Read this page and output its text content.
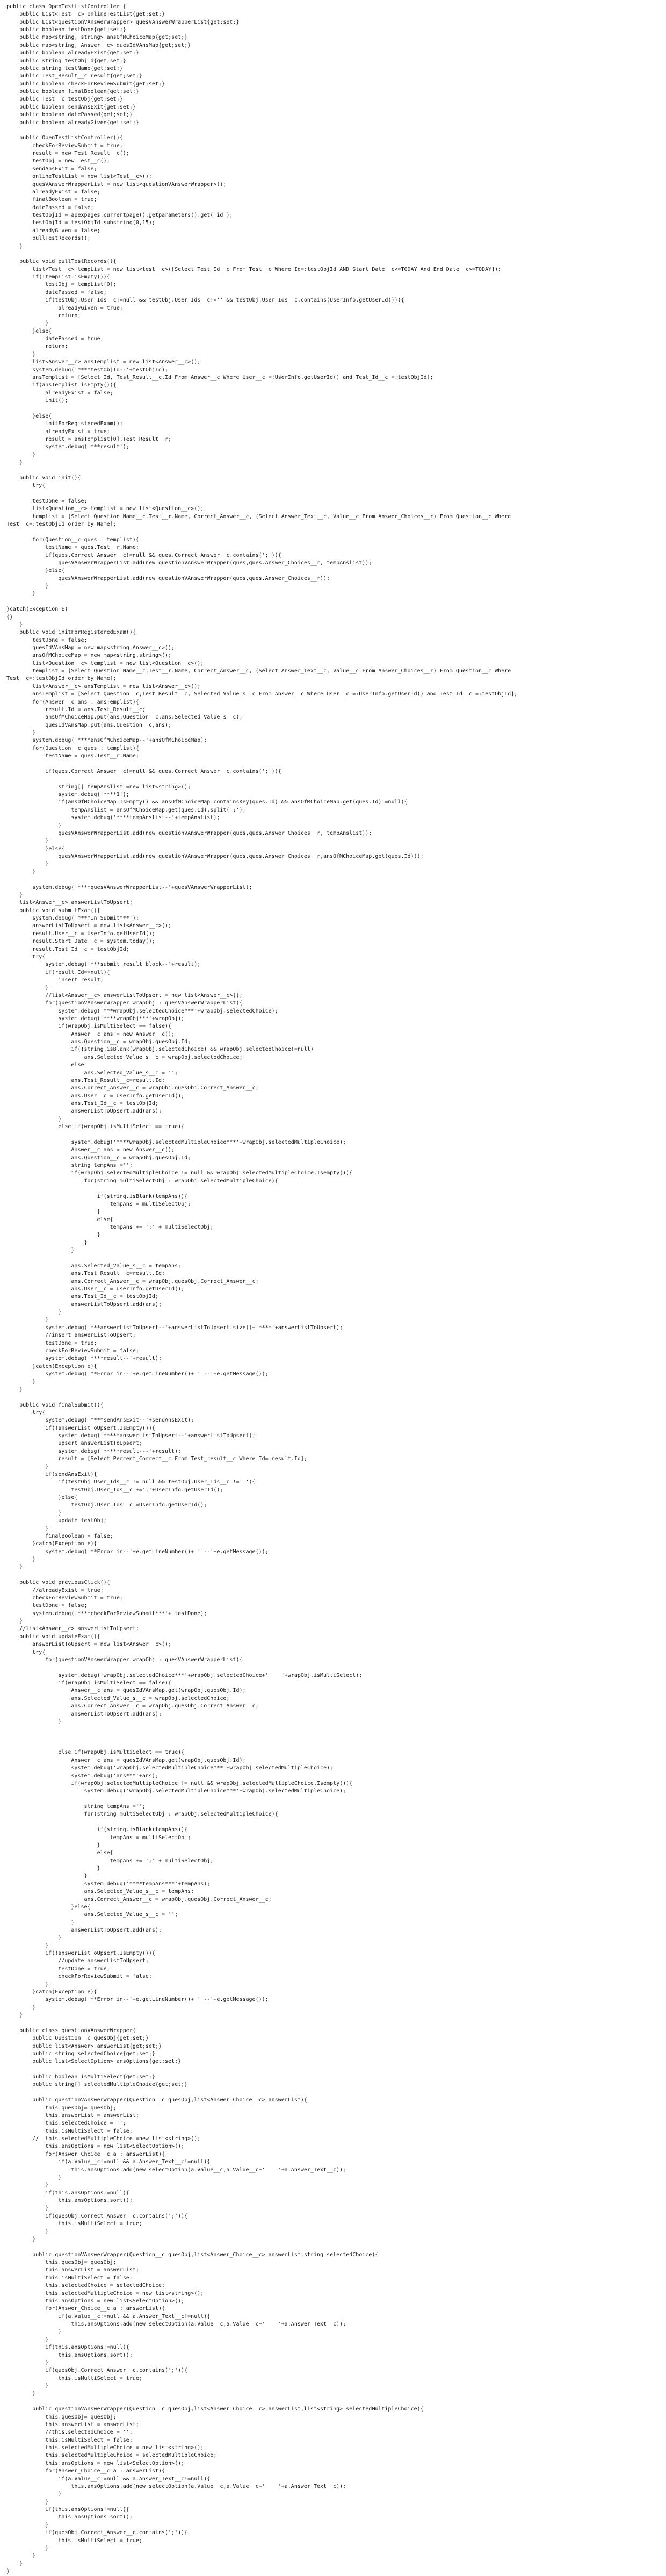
public class OpenTestListController {
public List<Test__c> onlineTestList{get;set;}
public List<questionVAnswerWrapper> quesVAnswerWrapperList{get;set;}
public boolean testDone{get;set;}
public map<string, string> ansOfMChoiceMap{get;set;}
public map<string, Answer__c> quesIdVAnsMap{get;set;}
public boolean alreadyExist{get;set;}
public string testObjId{get;set;}
public string testName{get;set;}
public Test_Result__c result{get;set;}
public boolean checkForReviewSubmit{get;set;}
public boolean finalBoolean{get;set;}
public Test__c testObj{get;set;}
public boolean sendAnsExit{get;set;}
public boolean datePassed{get;set;}
public boolean alreadyGiven{get;set;}
public OpenTestListController(){
checkForReviewSubmit = true;
result = new Test_Result__c();
testObj = new Test__c();
sendAnsExit = false;
onlineTestList = new list<Test__c>();
quesVAnswerWrapperList = new list<questionVAnswerWrapper>();
alreadyExist = false;
finalBoolean = true;
datePassed = false;
testObjId = apexpages.currentpage().getparameters().get('id');
testObjId = testObjId.substring(0,15);
alreadyGiven = false;
pullTestRecords();
}
public void pullTestRecords(){
list<Test__c> tempList = new list<test__c>([Select Test_Id__c From Test__c Where Id=:testObjId AND Start_Date__c<=TODAY And End_Date__c>=TODAY]);
if(!tempList.isEmpty()){
testObj = tempList[0];
datePassed = false;
if(testObj.User_Ids__c!=null && testObj.User_Ids__c!='' && testObj.User_Ids__c.contains(UserInfo.getUserId())){
alreadyGiven = true;
return;
}
}else{
datePassed = true;
return;
}
list<Answer__c> ansTemplist = new list<Answer__c>();
system.debug('****testObjId--'+testObjId);
ansTemplist = [Select Id, Test_Result__c,Id From Answer__c Where User__c =:UserInfo.getUserId() and Test_Id__c =:testObjId];
if(ansTemplist.isEmpty()){
alreadyExist = false;
init();
}else{
initForRegisteredExam();
alreadyExist = true;
result = ansTemplist[0].Test_Result__r;
system.debug('***result');
}
}
public void init(){
try{
testDone = false;
list<Question__c> templist = new list<Question__c>();
templist = [Select Question Name__c,Test__r.Name, Correct_Answer__c, (Select Answer_Text__c, Value__c From Answer_Choices__r) From Question__c Where
Test__c=:testObjId order by Name];
for(Question__c ques : templist){
testName = ques.Test__r.Name;
if(ques.Correct_Answer__c!=null && ques.Correct_Answer__c.contains(';')){
quesVAnswerWrapperList.add(new questionVAnswerWrapper(ques,ques.Answer_Choices__r, tempAnslist));
}else{
quesVAnswerWrapperList.add(new questionVAnswerWrapper(ques,ques.Answer_Choices__r));
}
}
}catch(Exception E)
{}
}
public void initForRegisteredExam(){
testDone = false;
quesIdVAnsMap = new map<string,Answer__c>();
ansOfMChoiceMap = new map<string,string>();
list<Question__c> templist = new list<Question__c>();
templist = [Select Question Name__c,Test__r.Name, Correct_Answer__c, (Select Answer_Text__c, Value__c From Answer_Choices__r) From Question__c Where
Test__c=:testObjId order by Name];
list<Answer__c> ansTemplist = new list<Answer__c>();
ansTemplist = [Select Question__c,Test_Result__c, Selected_Value_s__c From Answer__c Where User__c =:UserInfo.getUserId() and Test_Id__c =:testObjId];
for(Answer__c ans : ansTemplist){
result.Id = ans.Test_Result__c;
ansOfMChoiceMap.put(ans.Question__c,ans.Selected_Value_s__c);
quesIdVAnsMap.put(ans.Question__c,ans);
}
system.debug('****ansOfMChoiceMap--'+ansOfMChoiceMap);
for(Question__c ques : templist){
testName = ques.Test__r.Name;
if(ques.Correct_Answer__c!=null && ques.Correct_Answer__c.contains(';')){
string[] tempAnslist =new list<string>();
system.debug('****1');
if(ansOfMChoiceMap.IsEmpty() && ansOfMChoiceMap.containsKey(ques.Id) && ansOfMChoiceMap.get(ques.Id)!=null){
tempAnslist = ansOfMChoiceMap.get(ques.Id).split(';');
system.debug('****tempAnslist--'+tempAnslist);
}
quesVAnswerWrapperList.add(new questionVAnswerWrapper(ques,ques.Answer_Choices__r, tempAnslist));
}
}else{
quesVAnswerWrapperList.add(new questionVAnswerWrapper(ques,ques.Answer_Choices__r,ansOfMChoiceMap.get(ques.Id)));
}
}
system.debug('****quesVAnswerWrapperList--'+quesVAnswerWrapperList);
}
list<Answer__c> answerListToUpsert;
public void submitExam(){
system.debug('****In Submit***');
answerListToUpsert = new list<Answer__c>();
result.User__c = UserInfo.getUserId();
result.Start_Date__c = system.today();
result.Test_Id__c = testObjId;
try{
system.debug('***submit result block--'+result);
if(result.Id==null){
insert result;
}
//list<Answer__c> answerListToUpsert = new list<Answer__c>();
for(questionVAnswerWrapper wrapObj : quesVAnswerWrapperList){
system.debug('***wrapObj.selectedChoice***'+wrapObj.selectedChoice);
system.debug('****wrapObj***'+wrapObj);
if(wrapObj.isMultiSelect == false){
Answer__c ans = new Answer__c();
ans.Question__c = wrapObj.quesObj.Id;
if(!string.isBlank(wrapObj.selectedChoice) && wrapObj.selectedChoice!=null)
ans.Selected_Value_s__c = wrapObj.selectedChoice;
else
ans.Selected_Value_s__c = '';
ans.Test_Result__c=result.Id;
ans.Correct_Answer__c = wrapObj.quesObj.Correct_Answer__c;
ans.User__c = UserInfo.getUserId();
ans.Test_Id__c = testObjId;
answerListToUpsert.add(ans);
}
else if(wrapObj.isMultiSelect == true){
system.debug('****wrapObj.selectedMultipleChoice***'+wrapObj.selectedMultipleChoice);
Answer__c ans = new Answer__c();
ans.Question__c = wrapObj.quesObj.Id;
string tempAns ='';
if(wrapObj.selectedMultipleChoice != null && wrapObj.selectedMultipleChoice.Isempty()){
for(string multiSelectObj : wrapObj.selectedMultipleChoice){
if(string.isBlank(tempAns)){
tempAns = multiSelectObj;
}
else{
tempAns += ';' + multiSelectObj;
}
}
}
ans.Selected_Value_s__c = tempAns;
ans.Test_Result__c=result.Id;
ans.Correct_Answer__c = wrapObj.quesObj.Correct_Answer__c;
ans.User__c = UserInfo.getUserId();
ans.Test_Id__c = testObjId;
answerListToUpsert.add(ans);
}
}
system.debug('***answerListToUpsert--'+answerListToUpsert.size()+'****'+answerListToUpsert);
//insert answerListToUpsert;
testDone = true;
checkForReviewSubmit = false;
system.debug('****result--'+result);
}catch(Exception e){
system.debug('**Error in--'+e.getLineNumber()+ ' --'+e.getMessage());
}
}
public void finalSubmit(){
try{
system.debug('****sendAnsExit--'+sendAnsExit);
if(!answerListToUpsert.IsEmpty()){
system.debug('*****answerListToUpsert--'+answerListToUpsert);
upsert answerListToUpsert;
system.debug('*****result---'+result);
result = [Select Percent_Correct__c From Test_result__c Where Id=:result.Id];
}
if(sendAnsExit){
if(testObj.User_Ids__c != null && testObj.User_Ids__c != ''){
testObj.User_Ids__c +=','+UserInfo.getUserId();
}else{
testObj.User_Ids__c =UserInfo.getUserId();
}
update testObj;
}
finalBoolean = false;
}catch(Exception e){
system.debug('**Error in--'+e.getLineNumber()+ ' --'+e.getMessage());
}
}
public void previousClick(){
//alreadyExist = true;
checkForReviewSubmit = true;
testDone = false;
system.debug('****checkForReviewSubmit***'+ testDone);
}
//list<Answer__c> answerListToUpsert;
public void updateExam(){
answerListToUpsert = new list<Answer__c>();
try{
for(questionVAnswerWrapper wrapObj : quesVAnswerWrapperList){
system.debug('wrapObj.selectedChoice***'+wrapObj.selectedChoice+'    '+wrapObj.isMultiSelect);
if(wrapObj.isMultiSelect == false){
Answer__c ans = quesIdVAnsMap.get(wrapObj.quesObj.Id);
ans.Selected_Value_s__c = wrapObj.selectedChoice;
ans.Correct_Answer__c = wrapObj.quesObj.Correct_Answer__c;
answerListToUpsert.add(ans);
}
else if(wrapObj.isMultiSelect == true){
Answer__c ans = quesIdVAnsMap.get(wrapObj.quesObj.Id);
system.debug('wrapObj.selectedMultipleChoice***'+wrapObj.selectedMultipleChoice);
system.debug('ans***'+ans);
if(wrapObj.selectedMultipleChoice != null && wrapObj.selectedMultipleChoice.Isempty()){
system.debug('wrapObj.selectedMultipleChoice***'+wrapObj.selectedMultipleChoice);
string tempAns ='';
for(string multiSelectObj : wrapObj.selectedMultipleChoice){
if(string.isBlank(tempAns)){
tempAns = multiSelectObj;
}
else{
tempAns += ';' + multiSelectObj;
}
}
system.debug('****tempAns***'+tempAns);
ans.Selected_Value_s__c = tempAns;
ans.Correct_Answer__c = wrapObj.quesObj.Correct_Answer__c;
}else{
ans.Selected_Value_s__c = '';
}
answerListToUpsert.add(ans);
}
}
if(!answerListToUpsert.IsEmpty()){
//update answerListToUpsert;
testDone = true;
checkForReviewSubmit = false;
}
}catch(Exception e){
system.debug('**Error in--'+e.getLineNumber()+ ' --'+e.getMessage());
}
}
public class questionVAnswerWrapper{
public Question__c quesObj{get;set;}
public list<Answer> answerList{get;set;}
public string selectedChoice{get;set;}
public list<SelectOption> ansOptions{get;set;}
public boolean isMultiSelect{get;set;}
public string[] selectedMultipleChoice{get;set;}
public questionVAnswerWrapper(Question__c quesObj,list<Answer_Choice__c> answerList){
this.quesObj= quesObj;
this.answerList = answerList;
this.selectedChoice = '';
this.isMultiSelect = false;
//  this.selectedMultipleChoice =new list<string>();
this.ansOptions = new list<SelectOption>();
for(Answer_Choice__c a : answerList){
if(a.Value__c!=null && a.Answer_Text__c!=null){
this.ansOptions.add(new selectOption(a.Value__c,a.Value__c+'    '+a.Answer_Text__c));
}
}
if(this.ansOptions!=null){
this.ansOptions.sort();
}
if(quesObj.Correct_Answer__c.contains(';')){
this.isMultiSelect = true;
}
}
public questionVAnswerWrapper(Question__c quesObj,list<Answer_Choice__c> answerList,string selectedChoice){
this.quesObj= quesObj;
this.answerList = answerList;
this.isMultiSelect = false;
this.selectedChoice = selectedChoice;
this.selectedMultipleChoice = new list<string>();
this.ansOptions = new list<SelectOption>();
for(Answer_Choice__c a : answerList){
if(a.Value__c!=null && a.Answer_Text__c!=null){
this.ansOptions.add(new selectOption(a.Value__c,a.Value__c+'    '+a.Answer_Text__c));
}
}
if(this.ansOptions!=null){
this.ansOptions.sort();
}
if(quesObj.Correct_Answer__c.contains(';')){
this.isMultiSelect = true;
}
}
public questionVAnswerWrapper(Question__c quesObj,list<Answer_Choice__c> answerList,list<string> selectedMultipleChoice){
this.quesObj= quesObj;
this.answerList = answerList;
//this.selectedChoice = '';
this.isMultiSelect = false;
this.selectedMultipleChoice = new list<string>();
this.selectedMultipleChoice = selectedMultipleChoice;
this.ansOptions = new list<SelectOption>();
for(Answer_Choice__c a : answerList){
if(a.Value__c!=null && a.Answer_Text__c!=null){
this.ansOptions.add(new selectOption(a.Value__c,a.Value__c+'    '+a.Answer_Text__c));
}
}
if(this.ansOptions!=null){
this.ansOptions.sort();
}
if(quesObj.Correct_Answer__c.contains(';')){
this.isMultiSelect = true;
}
}
}
}
